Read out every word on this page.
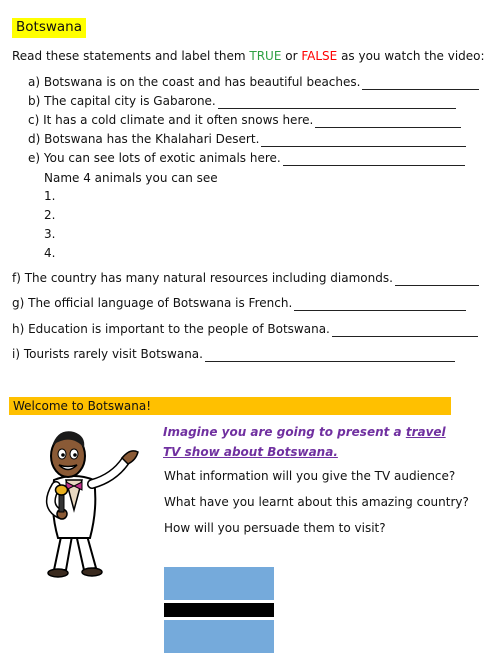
Botswana
Read these statements and label them TRUE or FALSE as you watch the video:
a) Botswana is on the coast and has beautiful beaches.
b) The capital city is Gabarone.
c) It has a cold climate and it often snows here.
d) Botswana has the Khalahari Desert.
e) You can see lots of exotic animals here.
Name 4 animals you can see
1.
2.
3.
4.
f) The country has many natural resources including diamonds.
g) The official language of Botswana is French.
h) Education is important to the people of Botswana.
i) Tourists rarely visit Botswana.
Welcome to Botswana!
Imagine you are going to present a travel TV show about Botswana.
What information will you give the TV audience?
What have you learnt about this amazing country?
How will you persuade them to visit?
